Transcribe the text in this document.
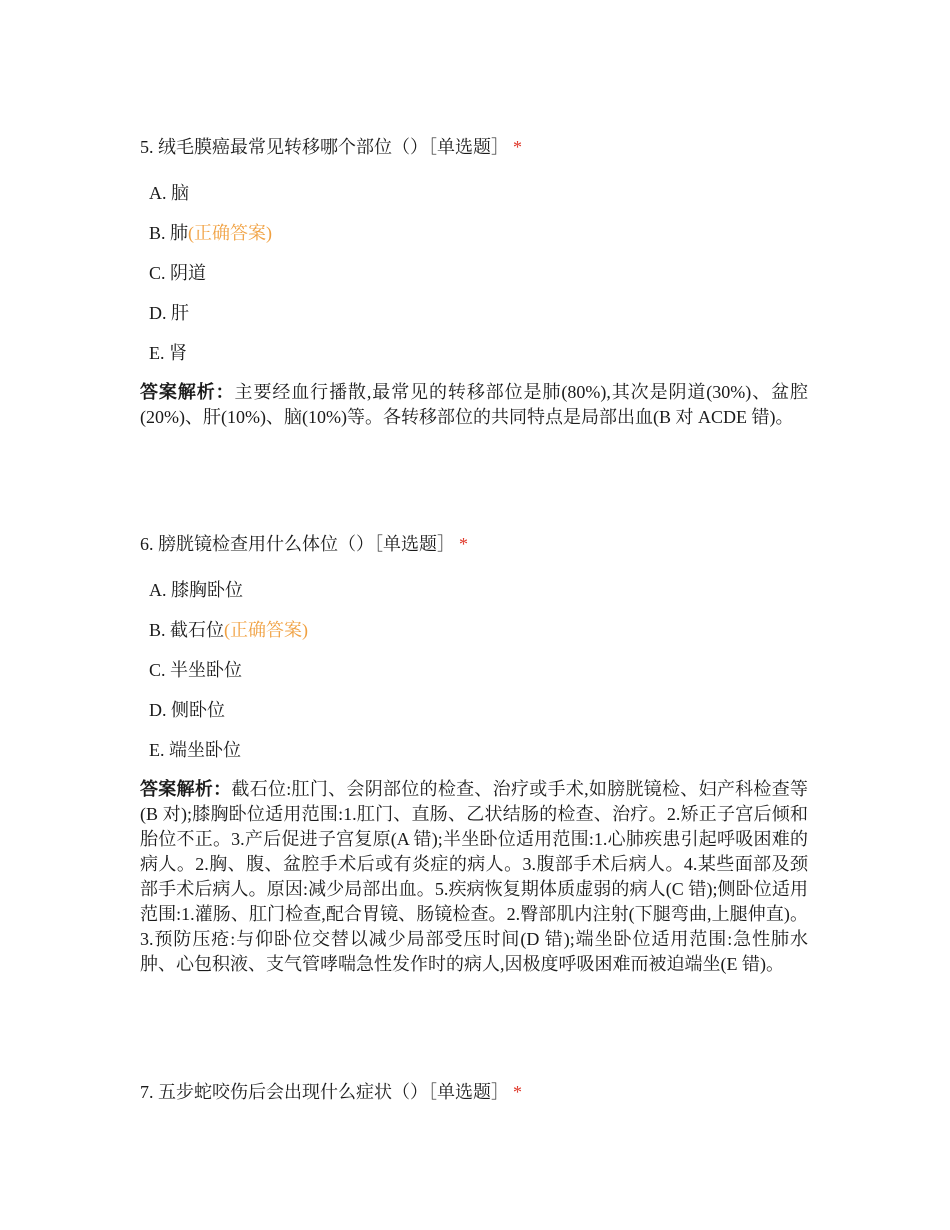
5. 绒毛膜癌最常见转移哪个部位（）［单选题］ *
A. 脑
B. 肺(正确答案)
C. 阴道
D. 肝
E. 肾
答案解析：主要经血行播散,最常见的转移部位是肺(80%),其次是阴道(30%)、盆腔(20%)、肝(10%)、脑(10%)等。各转移部位的共同特点是局部出血(B 对 ACDE 错)。
6. 膀胱镜检查用什么体位（）［单选题］ *
A. 膝胸卧位
B. 截石位(正确答案)
C. 半坐卧位
D. 侧卧位
E. 端坐卧位
答案解析：截石位:肛门、会阴部位的检查、治疗或手术,如膀胱镜检、妇产科检查等(B 对);膝胸卧位适用范围:1.肛门、直肠、乙状结肠的检查、治疗。2.矫正子宫后倾和胎位不正。3.产后促进子宫复原(A 错);半坐卧位适用范围:1.心肺疾患引起呼吸困难的病人。2.胸、腹、盆腔手术后或有炎症的病人。3.腹部手术后病人。4.某些面部及颈部手术后病人。原因:减少局部出血。5.疾病恢复期体质虚弱的病人(C 错);侧卧位适用范围:1.灌肠、肛门检查,配合胃镜、肠镜检查。2.臀部肌内注射(下腿弯曲,上腿伸直)。3.预防压疮:与仰卧位交替以减少局部受压时间(D 错);端坐卧位适用范围:急性肺水肿、心包积液、支气管哮喘急性发作时的病人,因极度呼吸困难而被迫端坐(E 错)。
7. 五步蛇咬伤后会出现什么症状（）［单选题］ *
